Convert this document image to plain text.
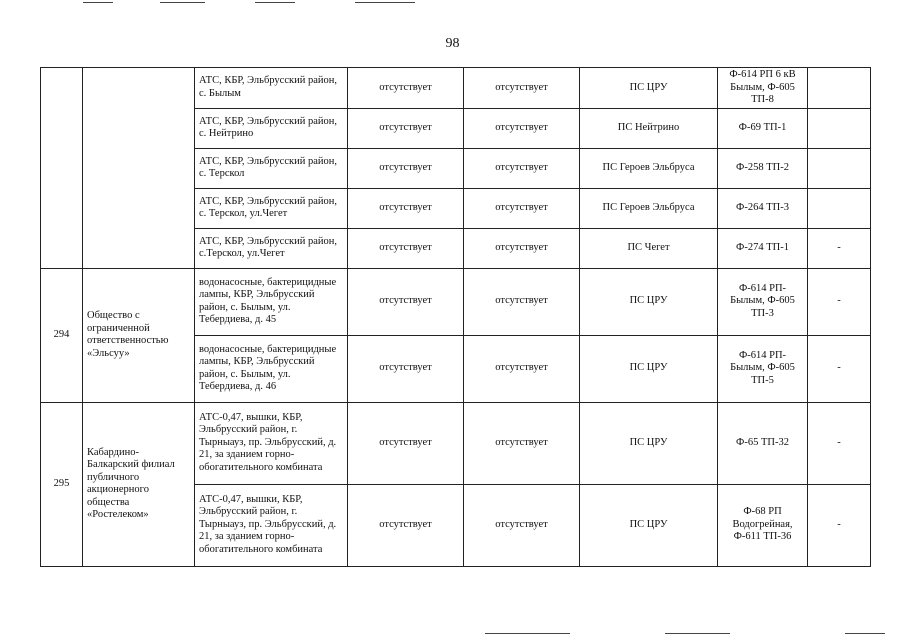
98
		АТС, КБР, Эльбрусский район, с. Былым	отсутствует	отсутствует	ПС ЦРУ	Ф-614 РП 6 кВ Былым, Ф-605 ТП-8	
		АТС, КБР, Эльбрусский район, с. Нейтрино	отсутствует	отсутствует	ПС Нейтрино	Ф-69 ТП-1	
		АТС, КБР, Эльбрусский район, с. Терскол	отсутствует	отсутствует	ПС Героев Эльбруса	Ф-258 ТП-2	
		АТС, КБР, Эльбрусский район, с. Терскол, ул.Чегет	отсутствует	отсутствует	ПС Героев Эльбруса	Ф-264 ТП-3	
		АТС, КБР, Эльбрусский район, с.Терскол, ул.Чегет	отсутствует	отсутствует	ПС Чегет	Ф-274 ТП-1	-
294	Общество с ограниченной ответственностью «Эльсуу»	водонасосные, бактерицидные лампы, КБР, Эльбрусский район, с. Былым, ул. Тебердиева, д. 45	отсутствует	отсутствует	ПС ЦРУ	Ф-614 РП-Былым, Ф-605 ТП-3	-
		водонасосные, бактерицидные лампы, КБР, Эльбрусский район, с. Былым, ул. Тебердиева, д. 46	отсутствует	отсутствует	ПС ЦРУ	Ф-614 РП-Былым, Ф-605 ТП-5	-
295	Кабардино-Балкарский филиал публичного акционерного общества «Ростелеком»	АТС-0,47, вышки, КБР, Эльбрусский район, г. Тырныауз, пр. Эльбрусский, д. 21, за зданием горно-обогатительного комбината	отсутствует	отсутствует	ПС ЦРУ	Ф-65 ТП-32	-
		АТС-0,47, вышки, КБР, Эльбрусский район, г. Тырныауз, пр. Эльбрусский, д. 21, за зданием горно-обогатительного комбината	отсутствует	отсутствует	ПС ЦРУ	Ф-68 РП Водогрейная, Ф-611 ТП-36	-
